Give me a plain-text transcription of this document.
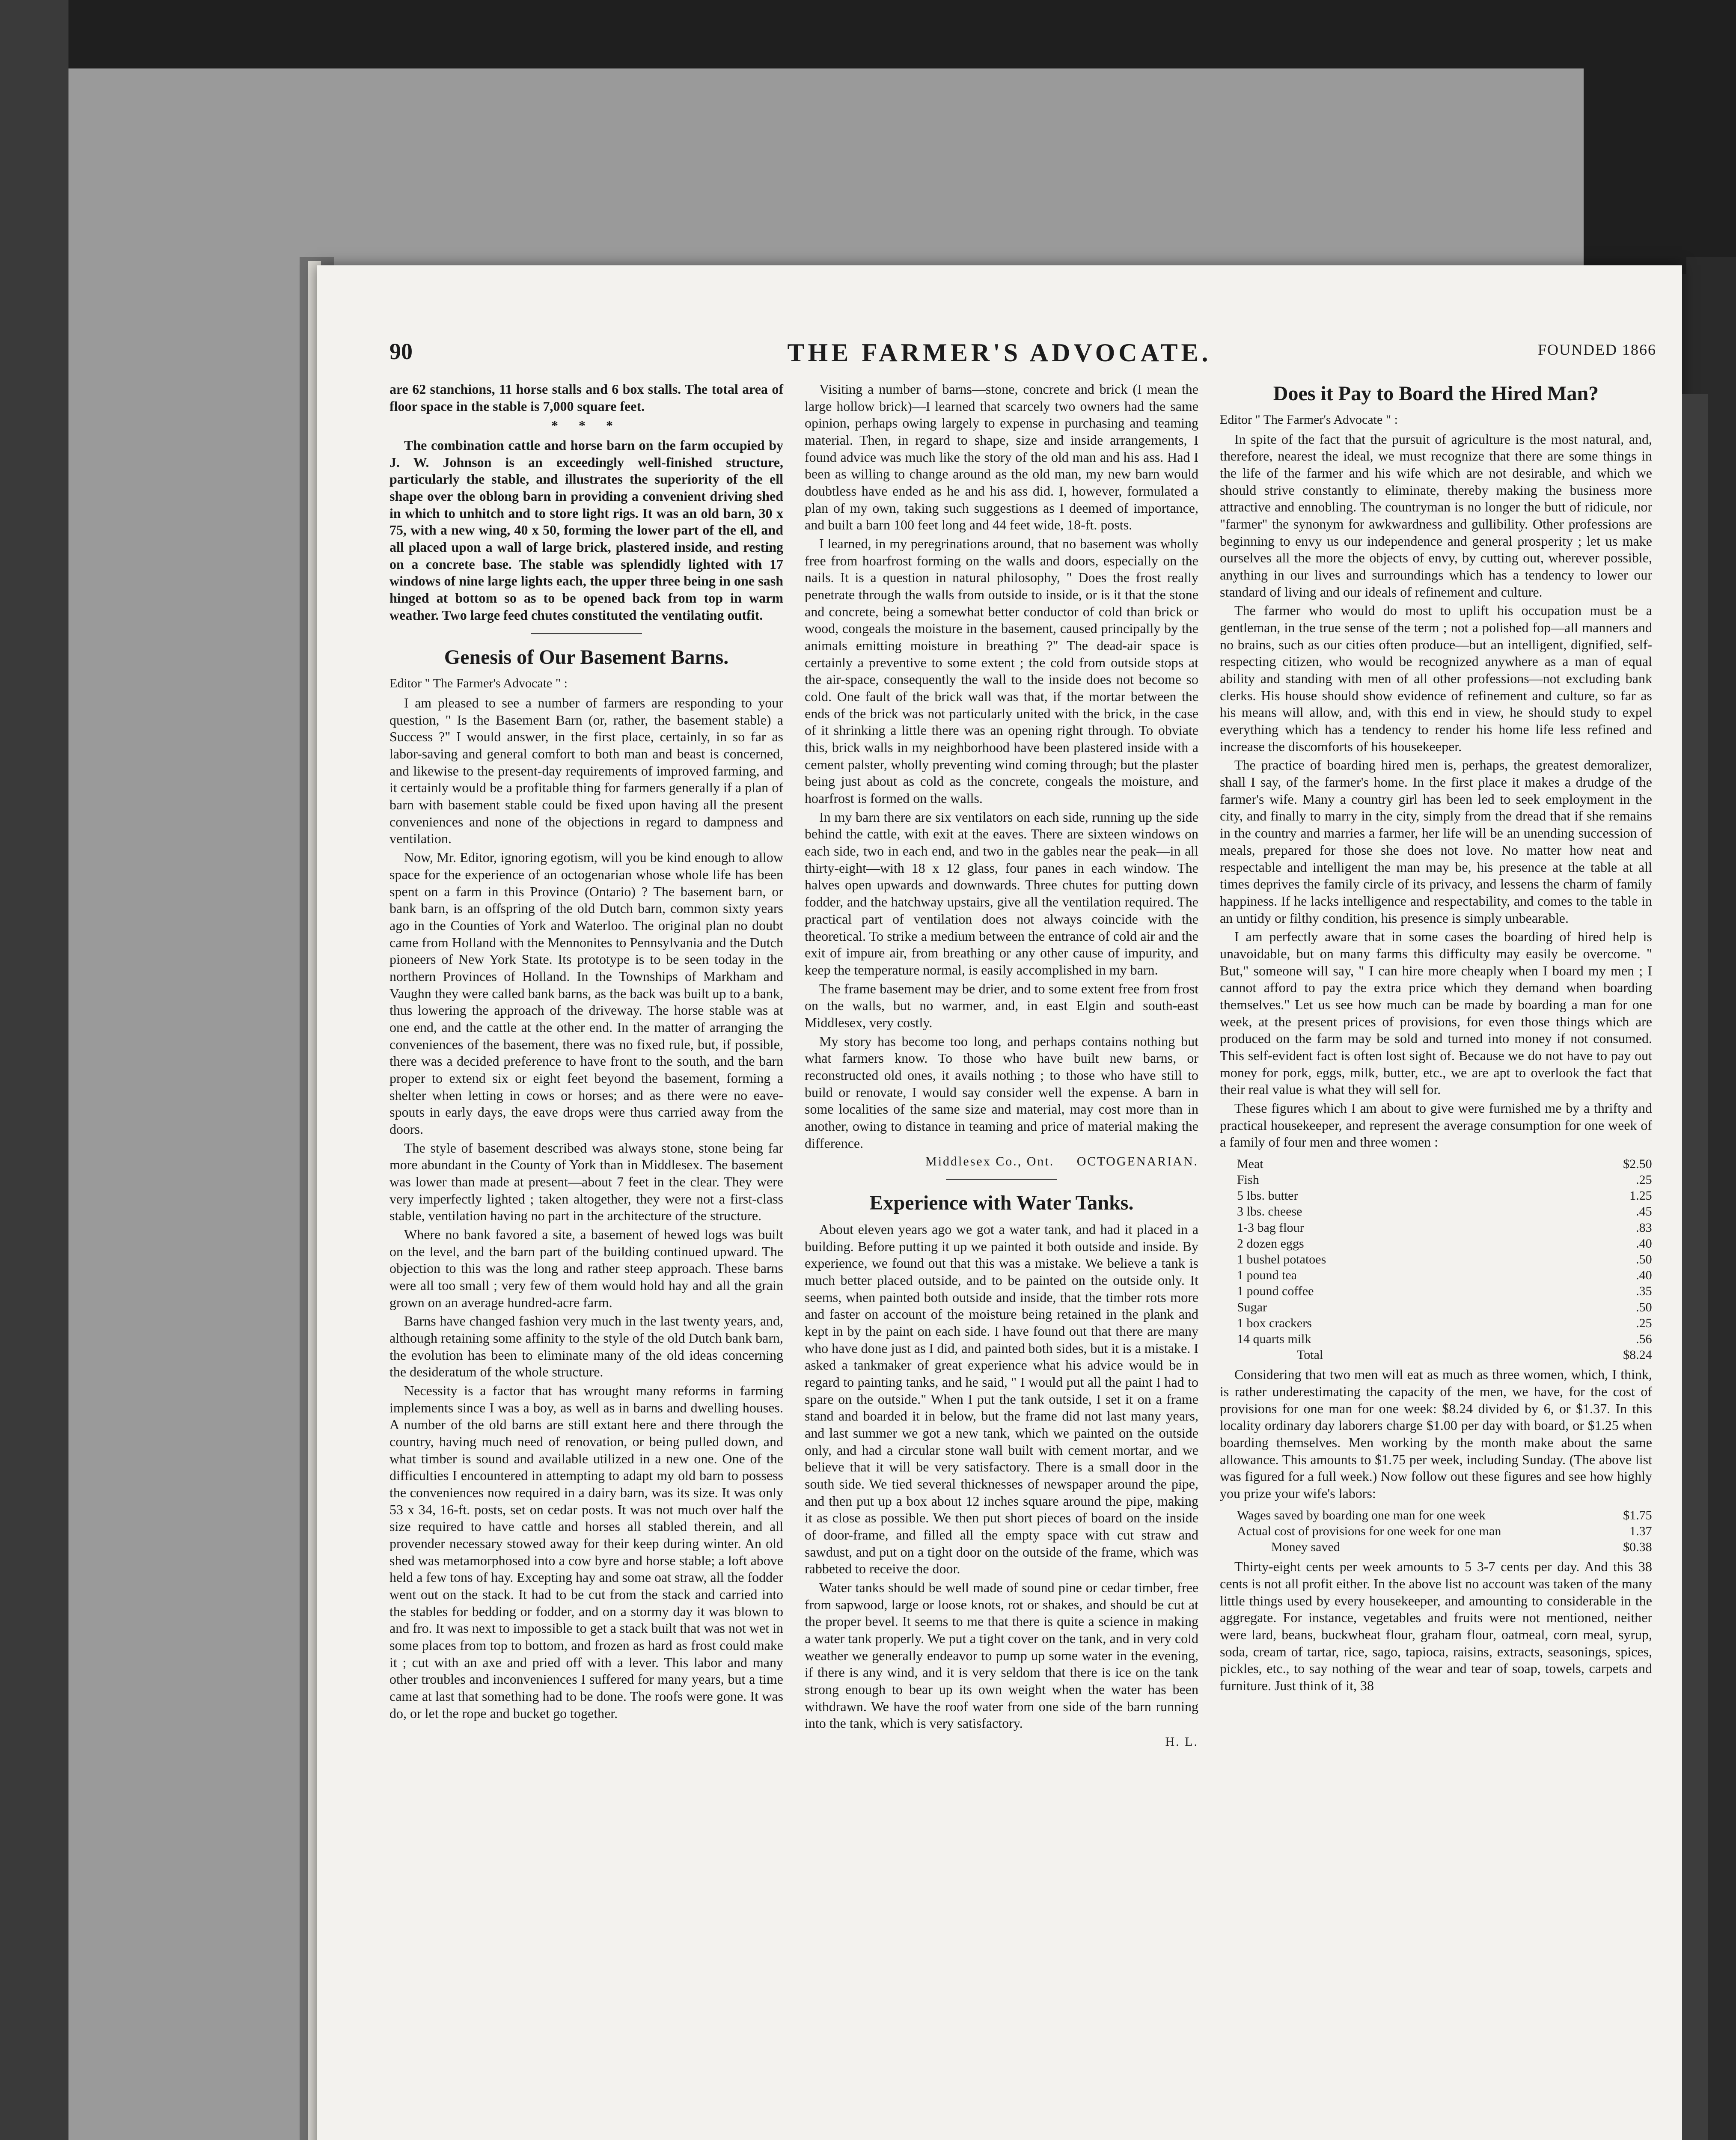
90	THE FARMER'S ADVOCATE.	FOUNDED 1866

are 62 stanchions, 11 horse stalls and 6 box stalls. The total area of floor space in the stable is 7,000 square feet.

* * *

The combination cattle and horse barn on the farm occupied by J. W. Johnson is an exceedingly well-finished structure, particularly the stable, and illustrates the superiority of the ell shape over the oblong barn in providing a convenient driving shed in which to unhitch and to store light rigs. It was an old barn, 30 x 75, with a new wing, 40 x 50, forming the lower part of the ell, and all placed upon a wall of large brick, plastered inside, and resting on a concrete base. The stable was splendidly lighted with 17 windows of nine large lights each, the upper three being in one sash hinged at bottom so as to be opened back from top in warm weather. Two large feed chutes constituted the ventilating outfit.

Genesis of Our Basement Barns.
Editor " The Farmer's Advocate " :

I am pleased to see a number of farmers are responding to your question, " Is the Basement Barn (or, rather, the basement stable) a Success ?" I would answer, in the first place, certainly, in so far as labor-saving and general comfort to both man and beast is concerned, and likewise to the present-day requirements of improved farming, and it certainly would be a profitable thing for farmers generally if a plan of barn with basement stable could be fixed upon having all the present conveniences and none of the objections in regard to dampness and ventilation.

Now, Mr. Editor, ignoring egotism, will you be kind enough to allow space for the experience of an octogenarian whose whole life has been spent on a farm in this Province (Ontario) ? The basement barn, or bank barn, is an offspring of the old Dutch barn, common sixty years ago in the Counties of York and Waterloo. The original plan no doubt came from Holland with the Mennonites to Pennsylvania and the Dutch pioneers of New York State. Its prototype is to be seen today in the northern Provinces of Holland. In the Townships of Markham and Vaughn they were called bank barns, as the back was built up to a bank, thus lowering the approach of the driveway. The horse stable was at one end, and the cattle at the other end. In the matter of arranging the conveniences of the basement, there was no fixed rule, but, if possible, there was a decided preference to have front to the south, and the barn proper to extend six or eight feet beyond the basement, forming a shelter when letting in cows or horses; and as there were no eave-spouts in early days, the eave drops were thus carried away from the doors.

The style of basement described was always stone, stone being far more abundant in the County of York than in Middlesex. The basement was lower than made at present—about 7 feet in the clear. They were very imperfectly lighted ; taken altogether, they were not a first-class stable, ventilation having no part in the architecture of the structure.

Where no bank favored a site, a basement of hewed logs was built on the level, and the barn part of the building continued upward. The objection to this was the long and rather steep approach. These barns were all too small ; very few of them would hold hay and all the grain grown on an average hundred-acre farm.

Barns have changed fashion very much in the last twenty years, and, although retaining some affinity to the style of the old Dutch bank barn, the evolution has been to eliminate many of the old ideas concerning the desideratum of the whole structure.

Necessity is a factor that has wrought many reforms in farming implements since I was a boy, as well as in barns and dwelling houses. A number of the old barns are still extant here and there through the country, having much need of renovation, or being pulled down, and what timber is sound and available utilized in a new one. One of the difficulties I encountered in attempting to adapt my old barn to possess the conveniences now required in a dairy barn, was its size. It was only 53 x 34, 16-ft. posts, set on cedar posts. It was not much over half the size required to have cattle and horses all stabled therein, and all provender necessary stowed away for their keep during winter. An old shed was metamorphosed into a cow byre and horse stable; a loft above held a few tons of hay. Excepting hay and some oat straw, all the fodder went out on the stack. It had to be cut from the stack and carried into the stables for bedding or fodder, and on a stormy day it was blown to and fro. It was next to impossible to get a stack built that was not wet in some places from top to bottom, and frozen as hard as frost could make it ; cut with an axe and pried off with a lever. This labor and many other troubles and inconveniences I suffered for many years, but a time came at last that something had to be done. The roofs were gone. It was do, or let the rope and bucket go together.

Visiting a number of barns—stone, concrete and brick (I mean the large hollow brick)—I learned that scarcely two owners had the same opinion, perhaps owing largely to expense in purchasing and teaming material. Then, in regard to shape, size and inside arrangements, I found advice was much like the story of the old man and his ass. Had I been as willing to change around as the old man, my new barn would doubtless have ended as he and his ass did. I, however, formulated a plan of my own, taking such suggestions as I deemed of importance, and built a barn 100 feet long and 44 feet wide, 18-ft. posts.

I learned, in my peregrinations around, that no basement was wholly free from hoarfrost forming on the walls and doors, especially on the nails. It is a question in natural philosophy, " Does the frost really penetrate through the walls from outside to inside, or is it that the stone and concrete, being a somewhat better conductor of cold than brick or wood, congeals the moisture in the basement, caused principally by the animals emitting moisture in breathing ?" The dead-air space is certainly a preventive to some extent ; the cold from outside stops at the air-space, consequently the wall to the inside does not become so cold. One fault of the brick wall was that, if the mortar between the ends of the brick was not particularly united with the brick, in the case of it shrinking a little there was an opening right through. To obviate this, brick walls in my neighborhood have been plastered inside with a cement palster, wholly preventing wind coming through; but the plaster being just about as cold as the concrete, congeals the moisture, and hoarfrost is formed on the walls.

In my barn there are six ventilators on each side, running up the side behind the cattle, with exit at the eaves. There are sixteen windows on each side, two in each end, and two in the gables near the peak—in all thirty-eight—with 18 x 12 glass, four panes in each window. The halves open upwards and downwards. Three chutes for putting down fodder, and the hatchway upstairs, give all the ventilation required. The practical part of ventilation does not always coincide with the theoretical. To strike a medium between the entrance of cold air and the exit of impure air, from breathing or any other cause of impurity, and keep the temperature normal, is easily accomplished in my barn.

The frame basement may be drier, and to some extent free from frost on the walls, but no warmer, and, in east Elgin and south-east Middlesex, very costly.

My story has become too long, and perhaps contains nothing but what farmers know. To those who have built new barns, or reconstructed old ones, it avails nothing ; to those who have still to build or renovate, I would say consider well the expense. A barn in some localities of the same size and material, may cost more than in another, owing to distance in teaming and price of material making the difference.

Middlesex Co., Ont. OCTOGENARIAN.
Experience with Water Tanks.

About eleven years ago we got a water tank, and had it placed in a building. Before putting it up we painted it both outside and inside. By experience, we found out that this was a mistake. We believe a tank is much better placed outside, and to be painted on the outside only. It seems, when painted both outside and inside, that the timber rots more and faster on account of the moisture being retained in the plank and kept in by the paint on each side. I have found out that there are many who have done just as I did, and painted both sides, but it is a mistake. I asked a tankmaker of great experience what his advice would be in regard to painting tanks, and he said, " I would put all the paint I had to spare on the outside." When I put the tank outside, I set it on a frame stand and boarded it in below, but the frame did not last many years, and last summer we got a new tank, which we painted on the outside only, and had a circular stone wall built with cement mortar, and we believe that it will be very satisfactory. There is a small door in the south side. We tied several thicknesses of newspaper around the pipe, and then put up a box about 12 inches square around the pipe, making it as close as possible. We then put short pieces of board on the inside of door-frame, and filled all the empty space with cut straw and sawdust, and put on a tight door on the outside of the frame, which was rabbeted to receive the door.

Water tanks should be well made of sound pine or cedar timber, free from sapwood, large or loose knots, rot or shakes, and should be cut at the proper bevel. It seems to me that there is quite a science in making a water tank properly. We put a tight cover on the tank, and in very cold weather we generally endeavor to pump up some water in the evening, if there is any wind, and it is very seldom that there is ice on the tank strong enough to bear up its own weight when the water has been withdrawn. We have the roof water from one side of the barn running into the tank, which is very satisfactory.

H. L.
Does it Pay to Board the Hired Man?
Editor " The Farmer's Advocate " :

In spite of the fact that the pursuit of agriculture is the most natural, and, therefore, nearest the ideal, we must recognize that there are some things in the life of the farmer and his wife which are not desirable, and which we should strive constantly to eliminate, thereby making the business more attractive and ennobling. The countryman is no longer the butt of ridicule, nor "farmer" the synonym for awkwardness and gullibility. Other professions are beginning to envy us our independence and general prosperity ; let us make ourselves all the more the objects of envy, by cutting out, wherever possible, anything in our lives and surroundings which has a tendency to lower our standard of living and our ideals of refinement and culture.

The farmer who would do most to uplift his occupation must be a gentleman, in the true sense of the term ; not a polished fop—all manners and no brains, such as our cities often produce—but an intelligent, dignified, self-respecting citizen, who would be recognized anywhere as a man of equal ability and standing with men of all other professions—not excluding bank clerks. His house should show evidence of refinement and culture, so far as his means will allow, and, with this end in view, he should study to expel everything which has a tendency to render his home life less refined and increase the discomforts of his housekeeper.

The practice of boarding hired men is, perhaps, the greatest demoralizer, shall I say, of the farmer's home. In the first place it makes a drudge of the farmer's wife. Many a country girl has been led to seek employment in the city, and finally to marry in the city, simply from the dread that if she remains in the country and marries a farmer, her life will be an unending succession of meals, prepared for those she does not love. No matter how neat and respectable and intelligent the man may be, his presence at the table at all times deprives the family circle of its privacy, and lessens the charm of family happiness. If he lacks intelligence and respectability, and comes to the table in an untidy or filthy condition, his presence is simply unbearable.

I am perfectly aware that in some cases the boarding of hired help is unavoidable, but on many farms this difficulty may easily be overcome. " But," someone will say, " I can hire more cheaply when I board my men ; I cannot afford to pay the extra price which they demand when boarding themselves." Let us see how much can be made by boarding a man for one week, at the present prices of provisions, for even those things which are produced on the farm may be sold and turned into money if not consumed. This self-evident fact is often lost sight of. Because we do not have to pay out money for pork, eggs, milk, butter, etc., we are apt to overlook the fact that their real value is what they will sell for.

These figures which I am about to give were furnished me by a thrifty and practical housekeeper, and represent the average consumption for one week of a family of four men and three women :

Meat	$2.50
Fish	.25
5 lbs. butter	1.25
3 lbs. cheese	.45
1-3 bag flour	.83
2 dozen eggs	.40
1 bushel potatoes	.50
1 pound tea	.40
1 pound coffee	.35
Sugar	.50
1 box crackers	.25
14 quarts milk	.56
Total	$8.24

Considering that two men will eat as much as three women, which, I think, is rather underestimating the capacity of the men, we have, for the cost of provisions for one man for one week: $8.24 divided by 6, or $1.37. In this locality ordinary day laborers charge $1.00 per day with board, or $1.25 when boarding themselves. Men working by the month make about the same allowance. This amounts to $1.75 per week, including Sunday. (The above list was figured for a full week.) Now follow out these figures and see how highly you prize your wife's labors:

Wages saved by boarding one man for one week	$1.75
Actual cost of provisions for one week for one man	1.37
Money saved	$0.38

Thirty-eight cents per week amounts to 5 3-7 cents per day. And this 38 cents is not all profit either. In the above list no account was taken of the many little things used by every housekeeper, and amounting to considerable in the aggregate. For instance, vegetables and fruits were not mentioned, neither were lard, beans, buckwheat flour, graham flour, oatmeal, corn meal, syrup, soda, cream of tartar, rice, sago, tapioca, raisins, extracts, seasonings, spices, pickles, etc., to say nothing of the wear and tear of soap, towels, carpets and furniture. Just think of it, 38
